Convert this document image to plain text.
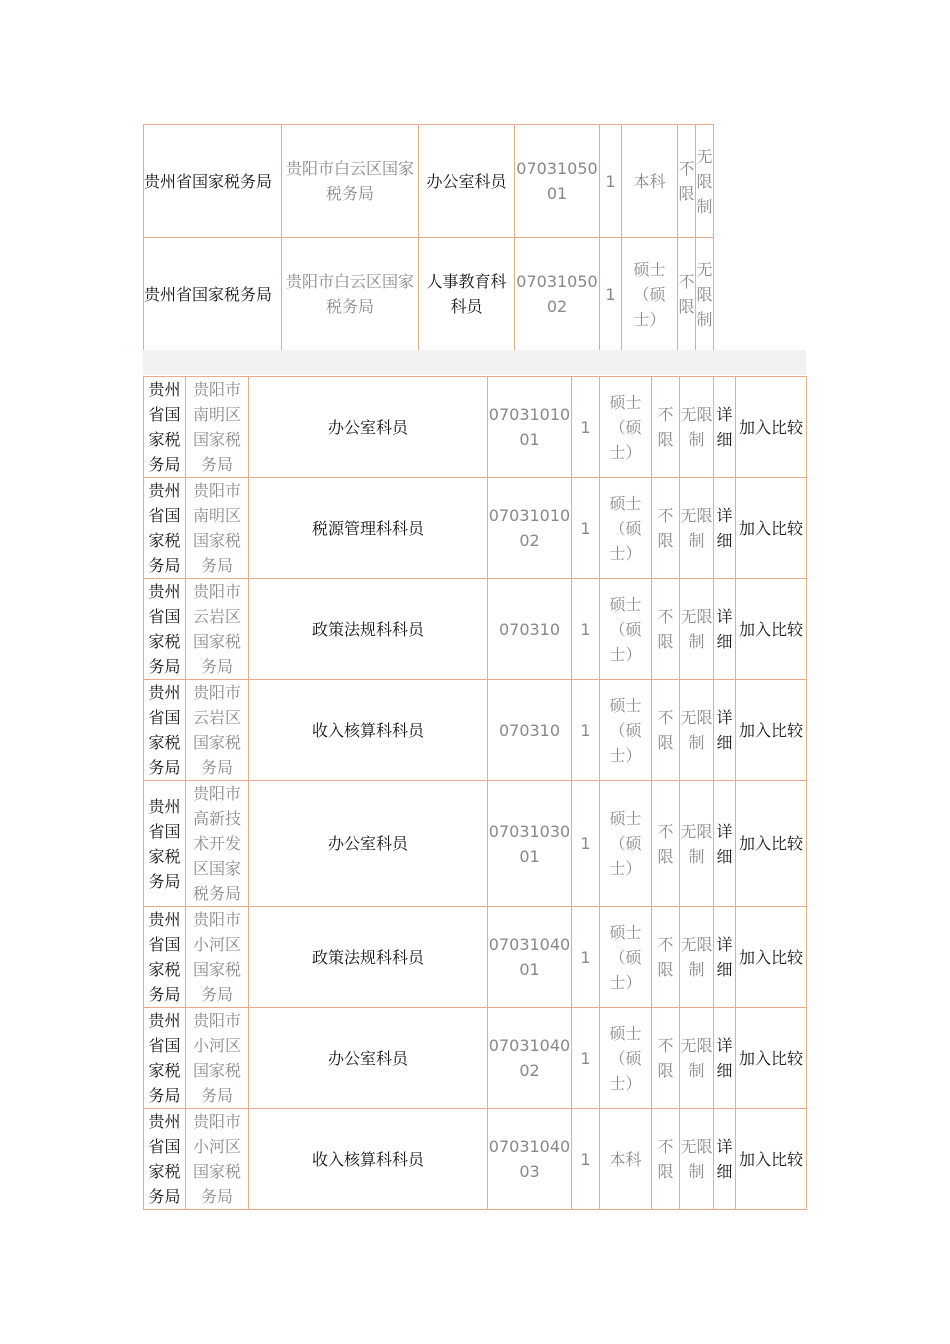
贵州省国家税务局	贵阳市白云区国家税务局	办公室科员	0703105001	1	本科	不限	无限制
贵州省国家税务局	贵阳市白云区国家税务局	人事教育科科员	0703105002	1	硕士（硕士）	不限	无限制
贵州省国家税务局	贵阳市南明区国家税务局	办公室科员	0703101001	1	硕士（硕士）	不限	无限制	详细	加入比较
贵州省国家税务局	贵阳市南明区国家税务局	税源管理科科员	0703101002	1	硕士（硕士）	不限	无限制	详细	加入比较
贵州省国家税务局	贵阳市云岩区国家税务局	政策法规科科员	070310	1	硕士（硕士）	不限	无限制	详细	加入比较
贵州省国家税务局	贵阳市云岩区国家税务局	收入核算科科员	070310	1	硕士（硕士）	不限	无限制	详细	加入比较
贵州省国家税务局	贵阳市高新技术开发区国家税务局	办公室科员	0703103001	1	硕士（硕士）	不限	无限制	详细	加入比较
贵州省国家税务局	贵阳市小河区国家税务局	政策法规科科员	0703104001	1	硕士（硕士）	不限	无限制	详细	加入比较
贵州省国家税务局	贵阳市小河区国家税务局	办公室科员	0703104002	1	硕士（硕士）	不限	无限制	详细	加入比较
贵州省国家税务局	贵阳市小河区国家税务局	收入核算科科员	0703104003	1	本科	不限	无限制	详细	加入比较
